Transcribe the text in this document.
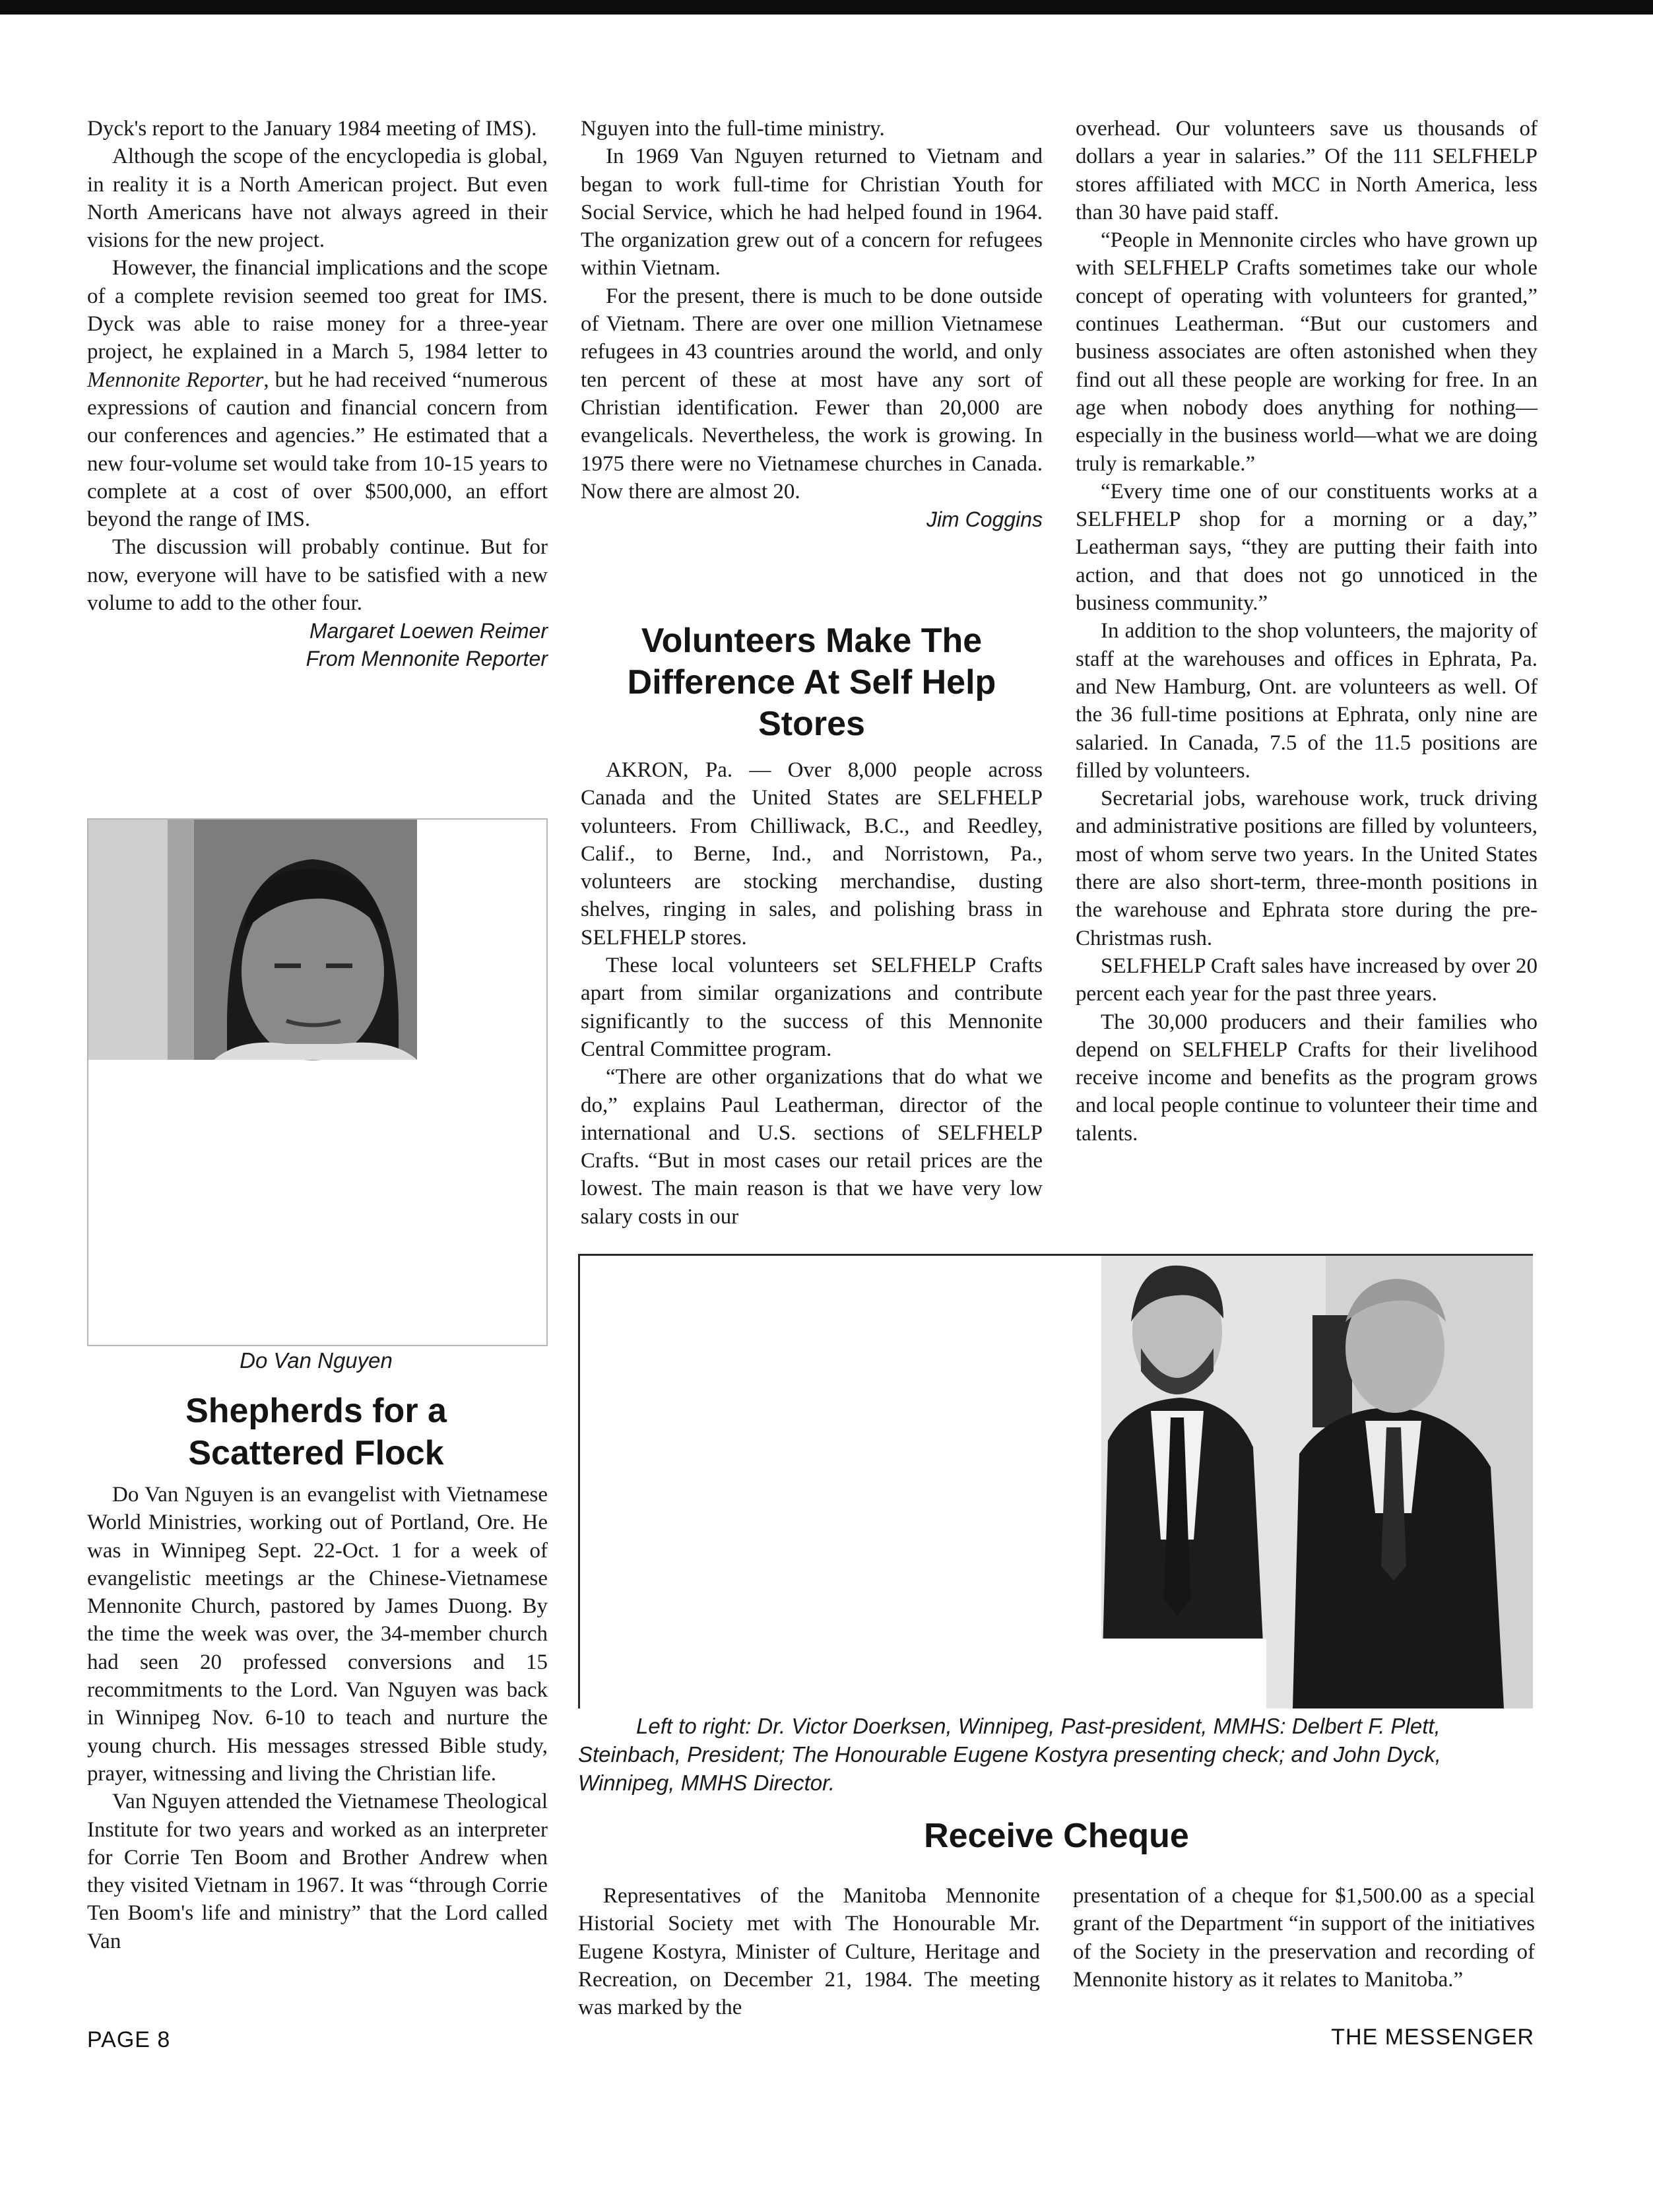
Dyck's report to the January 1984 meeting of IMS).

Although the scope of the encyclopedia is global, in reality it is a North American project. But even North Americans have not always agreed in their visions for the new project.

However, the financial implications and the scope of a complete revision seemed too great for IMS. Dyck was able to raise money for a three-year project, he explained in a March 5, 1984 letter to Mennonite Reporter, but he had received “numerous expressions of caution and financial concern from our conferences and agencies.” He estimated that a new four-volume set would take from 10-15 years to complete at a cost of over $500,000, an effort beyond the range of IMS.

The discussion will probably continue. But for now, everyone will have to be satisfied with a new volume to add to the other four.

Margaret Loewen Reimer
From Mennonite Reporter
Do Van Nguyen
Shepherds for a
Scattered Flock

Do Van Nguyen is an evangelist with Vietnamese World Ministries, working out of Portland, Ore. He was in Winnipeg Sept. 22-Oct. 1 for a week of evangelistic meetings ar the Chinese-Vietnamese Mennonite Church, pastored by James Duong. By the time the week was over, the 34-member church had seen 20 professed conversions and 15 recommitments to the Lord. Van Nguyen was back in Winnipeg Nov. 6-10 to teach and nurture the young church. His messages stressed Bible study, prayer, witnessing and living the Christian life.

Van Nguyen attended the Vietnamese Theological Institute for two years and worked as an interpreter for Corrie Ten Boom and Brother Andrew when they visited Vietnam in 1967. It was “through Corrie Ten Boom's life and ministry” that the Lord called Van

Nguyen into the full-time ministry.

In 1969 Van Nguyen returned to Vietnam and began to work full-time for Christian Youth for Social Service, which he had helped found in 1964. The organization grew out of a concern for refugees within Vietnam.

For the present, there is much to be done outside of Vietnam. There are over one million Vietnamese refugees in 43 countries around the world, and only ten percent of these at most have any sort of Christian identification. Fewer than 20,000 are evangelicals. Nevertheless, the work is growing. In 1975 there were no Vietnamese churches in Canada. Now there are almost 20.

Jim Coggins
Volunteers Make The
Difference At Self Help
Stores

AKRON, Pa. — Over 8,000 people across Canada and the United States are SELFHELP volunteers. From Chilliwack, B.C., and Reedley, Calif., to Berne, Ind., and Norristown, Pa., volunteers are stocking merchandise, dusting shelves, ringing in sales, and polishing brass in SELFHELP stores.

These local volunteers set SELFHELP Crafts apart from similar organizations and contribute significantly to the success of this Mennonite Central Committee program.

“There are other organizations that do what we do,” explains Paul Leatherman, director of the international and U.S. sections of SELFHELP Crafts. “But in most cases our retail prices are the lowest. The main reason is that we have very low salary costs in our

overhead. Our volunteers save us thousands of dollars a year in salaries.” Of the 111 SELFHELP stores affiliated with MCC in North America, less than 30 have paid staff.

“People in Mennonite circles who have grown up with SELFHELP Crafts sometimes take our whole concept of operating with volunteers for granted,” continues Leatherman. “But our customers and business associates are often astonished when they find out all these people are working for free. In an age when nobody does anything for nothing—especially in the business world—what we are doing truly is remarkable.”

“Every time one of our constituents works at a SELFHELP shop for a morning or a day,” Leatherman says, “they are putting their faith into action, and that does not go unnoticed in the business community.”

In addition to the shop volunteers, the majority of staff at the warehouses and offices in Ephrata, Pa. and New Hamburg, Ont. are volunteers as well. Of the 36 full-time positions at Ephrata, only nine are salaried. In Canada, 7.5 of the 11.5 positions are filled by volunteers.

Secretarial jobs, warehouse work, truck driving and administrative positions are filled by volunteers, most of whom serve two years. In the United States there are also short-term, three-month positions in the warehouse and Ephrata store during the pre-Christmas rush.

SELFHELP Craft sales have increased by over 20 percent each year for the past three years.

The 30,000 producers and their families who depend on SELFHELP Crafts for their livelihood receive income and benefits as the program grows and local people continue to volunteer their time and talents.

Left to right: Dr. Victor Doerksen, Winnipeg, Past-president, MMHS: Delbert F. Plett, Steinbach, President; The Honourable Eugene Kostyra presenting check; and John Dyck, Winnipeg, MMHS Director.
Receive Cheque

Representatives of the Manitoba Mennonite Historial Society met with The Honourable Mr. Eugene Kostyra, Minister of Culture, Heritage and Recreation, on December 21, 1984. The meeting was marked by the

presentation of a cheque for $1,500.00 as a special grant of the Department “in support of the initiatives of the Society in the preservation and recording of Mennonite history as it relates to Manitoba.”

PAGE 8	THE MESSENGER
